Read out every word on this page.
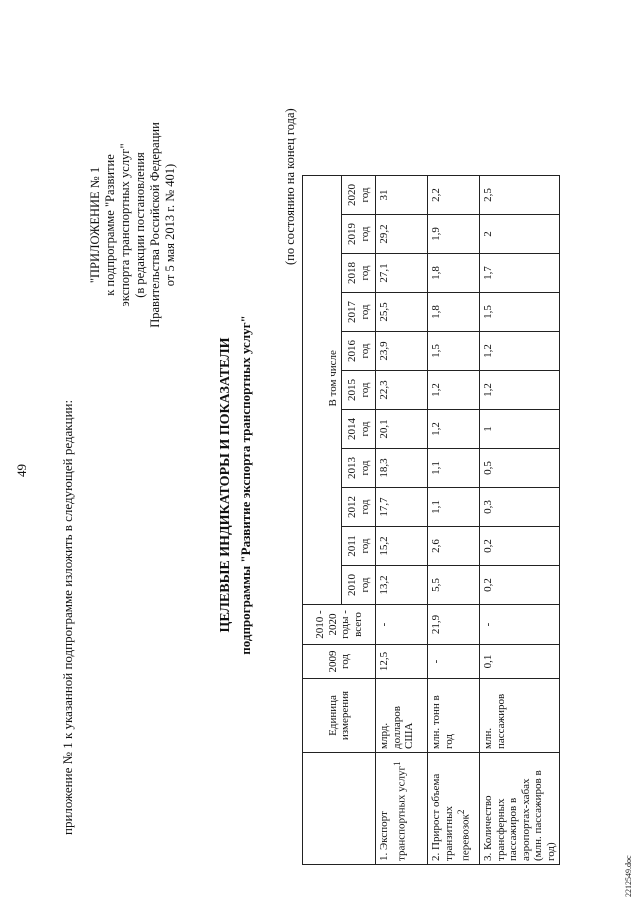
49 приложение № 1 к указанной подпрограмме изложить в следующей редакции:
"ПРИЛОЖЕНИЕ № 1 к подпрограмме "Развитие экспорта транспортных услуг" (в редакции постановления Правительства Российской Федерации от 5 мая 2013 г. № 401)
ЦЕЛЕВЫЕ ИНДИКАТОРЫ И ПОКАЗАТЕЛИ подпрограммы "Развитие экспорта транспортных услуг"
(по состоянию на конец года)
	Единица измерения	2009 год	2010 - 2020 годы - всего											
									В том числе					
				2010 год	2011 год	2012 год	2013 год	2014 год	2015 год	2016 год	2017 год	2018 год	2019 год	2020 год
1. Экспорт транспортных услуг$^1$	млрд. долларов США	12,5	-	13,2	15,2	17,7	18,3	20,1	22,3	23,9	25,5	27,1	29,2	31
2. Прирост объема транзитных перевозок$^2$	млн. тонн в год	-	21,9	5,5	2,6	1,1	1,1	1,2	1,2	1,5	1,8	1,8	1,9	2,2
3. Количество трансферных пассажиров в аэропортах-хабах (млн. пассажиров в год)	млн. пассажиров	0,1	-	0,2	0,2	0,3	0,5	1	1,2	1,2	1,5	1,7	2	2,5
2212549.doc
